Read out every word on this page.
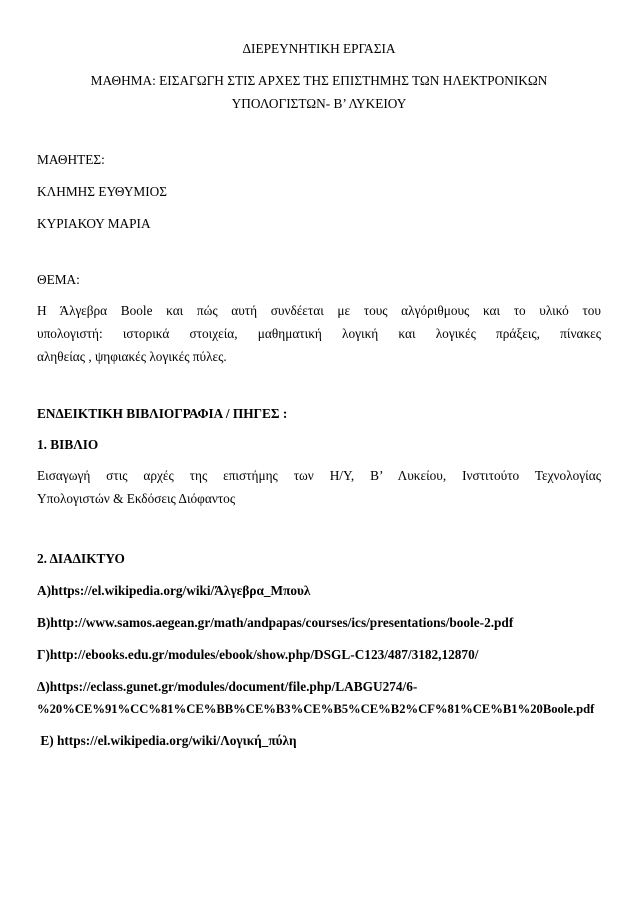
ΔΙΕΡΕΥΝΗΤΙΚΗ ΕΡΓΑΣΙΑ
ΜΑΘΗΜΑ: ΕΙΣΑΓΩΓΗ ΣΤΙΣ ΑΡΧΕΣ ΤΗΣ ΕΠΙΣΤΗΜΗΣ ΤΩΝ ΗΛΕΚΤΡΟΝΙΚΩΝ
ΥΠΟΛΟΓΙΣΤΩΝ- Β’ ΛΥΚΕΙΟΥ
ΜΑΘΗΤΕΣ:
ΚΛΗΜΗΣ ΕΥΘΥΜΙΟΣ
ΚΥΡΙΑΚΟΥ ΜΑΡΙΑ
ΘΕΜΑ:
Η Άλγεβρα Boole και πώς αυτή συνδέεται με τους αλγόριθμους και το υλικό του
υπολογιστή: ιστορικά στοιχεία, μαθηματική λογική και λογικές πράξεις, πίνακες
αληθείας , ψηφιακές λογικές πύλες.
ΕΝΔΕΙΚΤΙΚΗ ΒΙΒΛΙΟΓΡΑΦΙΑ / ΠΗΓΕΣ :
1. ΒΙΒΛΙΟ
Εισαγωγή στις αρχές της επιστήμης των Η/Υ, Β’ Λυκείου, Ινστιτούτο Τεχνολογίας
Υπολογιστών & Εκδόσεις Διόφαντος
2. ΔΙΑΔΙΚΤΥΟ
Α)https://el.wikipedia.org/wiki/Άλγεβρα_Μπουλ
Β)http://www.samos.aegean.gr/math/andpapas/courses/ics/presentations/boole-2.pdf
Γ)http://ebooks.edu.gr/modules/ebook/show.php/DSGL-C123/487/3182,12870/
Δ)https://eclass.gunet.gr/modules/document/file.php/LABGU274/6-
%20%CE%91%CC%81%CE%BB%CE%B3%CE%B5%CE%B2%CF%81%CE%B1%20Boole.pdf
Ε) https://el.wikipedia.org/wiki/Λογική_πύλη
